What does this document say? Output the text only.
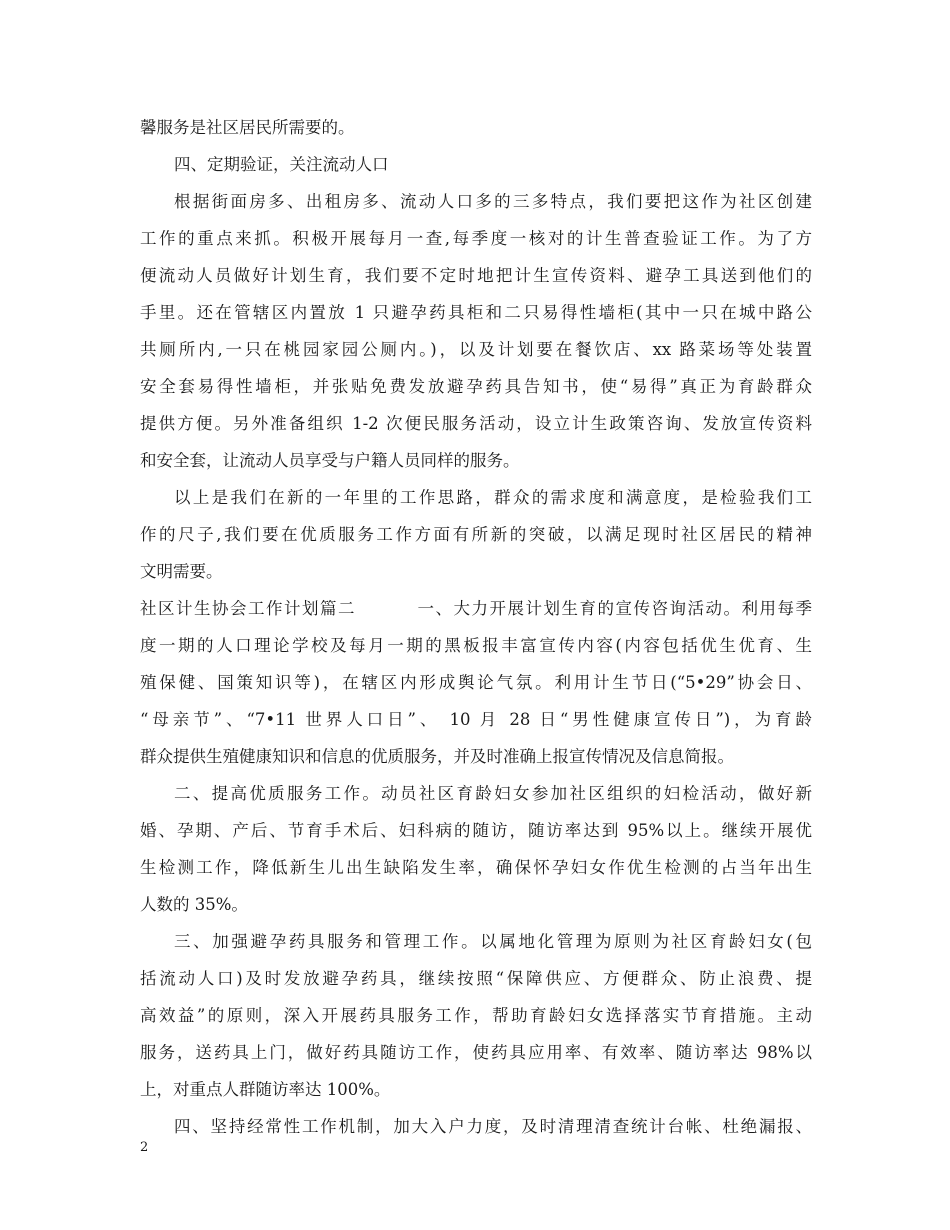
馨服务是社区居民所需要的。

四、定期验证，关注流动人口

根据街面房多、出租房多、流动人口多的三多特点，我们要把这作为社区创建

工作的重点来抓。积极开展每月一查,每季度一核对的计生普查验证工作。为了方

便流动人员做好计划生育，我们要不定时地把计生宣传资料、避孕工具送到他们的

手里。还在管辖区内置放 1 只避孕药具柜和二只易得性墙柜(其中一只在城中路公

共厕所内,一只在桃园家园公厕内。)，以及计划要在餐饮店、xx 路菜场等处装置

安全套易得性墙柜，并张贴免费发放避孕药具告知书，使“易得”真正为育龄群众

提供方便。另外准备组织 1-2 次便民服务活动，设立计生政策咨询、发放宣传资料

和安全套，让流动人员享受与户籍人员同样的服务。

以上是我们在新的一年里的工作思路，群众的需求度和满意度，是检验我们工

作的尺子,我们要在优质服务工作方面有所新的突破，以满足现时社区居民的精神

文明需要。

社区计生协会工作计划篇二	一、大力开展计划生育的宣传咨询活动。利用每季

度一期的人口理论学校及每月一期的黑板报丰富宣传内容(内容包括优生优育、生

殖保健、国策知识等)，在辖区内形成舆论气氛。利用计生节日(“5•29”协会日、

“母亲节”、“7•11 世界人口日”、 10 月 28 日“男性健康宣传日”)，为育龄

群众提供生殖健康知识和信息的优质服务，并及时准确上报宣传情况及信息简报。

二、提高优质服务工作。动员社区育龄妇女参加社区组织的妇检活动，做好新

婚、孕期、产后、节育手术后、妇科病的随访，随访率达到 95%以上。继续开展优

生检测工作，降低新生儿出生缺陷发生率，确保怀孕妇女作优生检测的占当年出生

人数的 35%。

三、加强避孕药具服务和管理工作。以属地化管理为原则为社区育龄妇女(包

括流动人口)及时发放避孕药具，继续按照“保障供应、方便群众、防止浪费、提

高效益”的原则，深入开展药具服务工作，帮助育龄妇女选择落实节育措施。主动

服务，送药具上门，做好药具随访工作，使药具应用率、有效率、随访率达 98%以

上，对重点人群随访率达 100%。

四、坚持经常性工作机制，加大入户力度，及时清理清查统计台帐、杜绝漏报、

2
